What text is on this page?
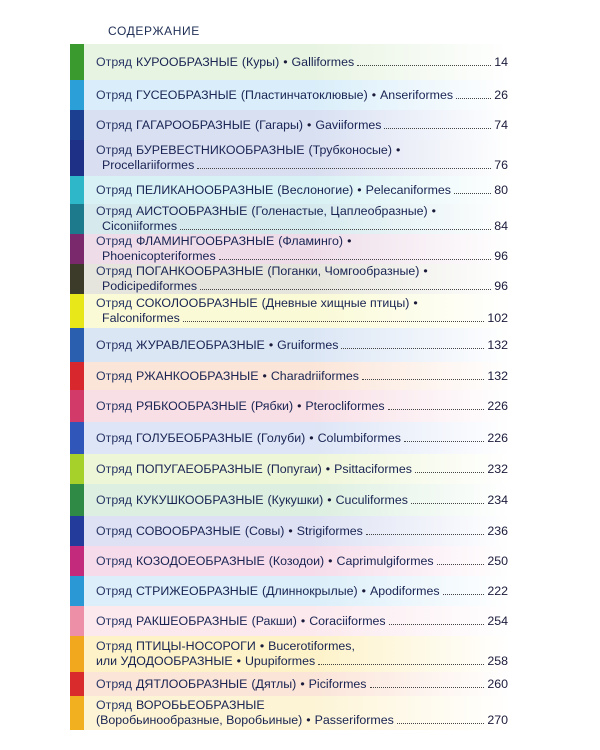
СОДЕРЖАНИЕ
Отряд КУРООБРАЗНЫЕ (Куры) • Galliformes	14
Отряд ГУСЕОБРАЗНЫЕ (Пластинчатоклювые) • Anseriformes	26
Отряд ГАГАРООБРАЗНЫЕ (Гагары) • Gaviiformes	74
Отряд БУРЕВЕСТНИКООБРАЗНЫЕ (Трубконосые) •
Procellariiformes	76
Отряд ПЕЛИКАНООБРАЗНЫЕ (Веслоногие) • Pelecaniformes	80
Отряд АИСТООБРАЗНЫЕ (Голенастые, Цаплеобразные) •
Ciconiiformes	84
Отряд ФЛАМИНГООБРАЗНЫЕ (Фламинго) •
Phoenicopteriformes	96
Отряд ПОГАНКООБРАЗНЫЕ (Поганки, Чомгообразные) •
Podicipediformes	96
Отряд СОКОЛООБРАЗНЫЕ (Дневные хищные птицы) •
Falconiformes	102
Отряд ЖУРАВЛЕОБРАЗНЫЕ • Gruiformes	132
Отряд РЖАНКООБРАЗНЫЕ • Charadriiformes	132
Отряд РЯБКООБРАЗНЫЕ (Рябки) • Pterocliformes	226
Отряд ГОЛУБЕОБРАЗНЫЕ (Голуби) • Columbiformes	226
Отряд ПОПУГАЕОБРАЗНЫЕ (Попугаи) • Psittaciformes	232
Отряд КУКУШКООБРАЗНЫЕ (Кукушки) • Cuculiformes	234
Отряд СОВООБРАЗНЫЕ (Совы) • Strigiformes	236
Отряд КОЗОДОЕОБРАЗНЫЕ (Козодои) • Caprimulgiformes	250
Отряд СТРИЖЕОБРАЗНЫЕ (Длиннокрылые) • Apodiformes	222
Отряд РАКШЕОБРАЗНЫЕ (Ракши) • Coraciiformes	254
Отряд ПТИЦЫ-НОСОРОГИ • Bucerotiformes,
или УДОДООБРАЗНЫЕ • Upupiformes	258
Отряд ДЯТЛООБРАЗНЫЕ (Дятлы) • Piciformes	260
Отряд ВОРОБЬЕОБРАЗНЫЕ
(Воробьинообразные, Воробьиные) • Passeriformes	270
